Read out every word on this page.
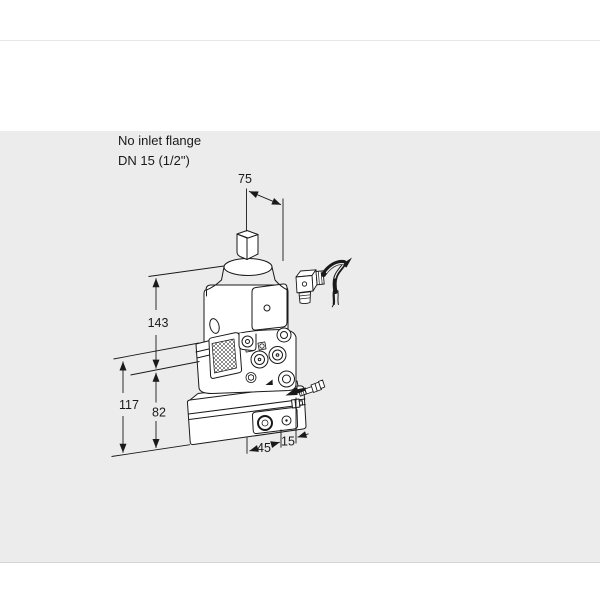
No inlet flange
DN 15 (1/2")
75
143
117
82
45 15
